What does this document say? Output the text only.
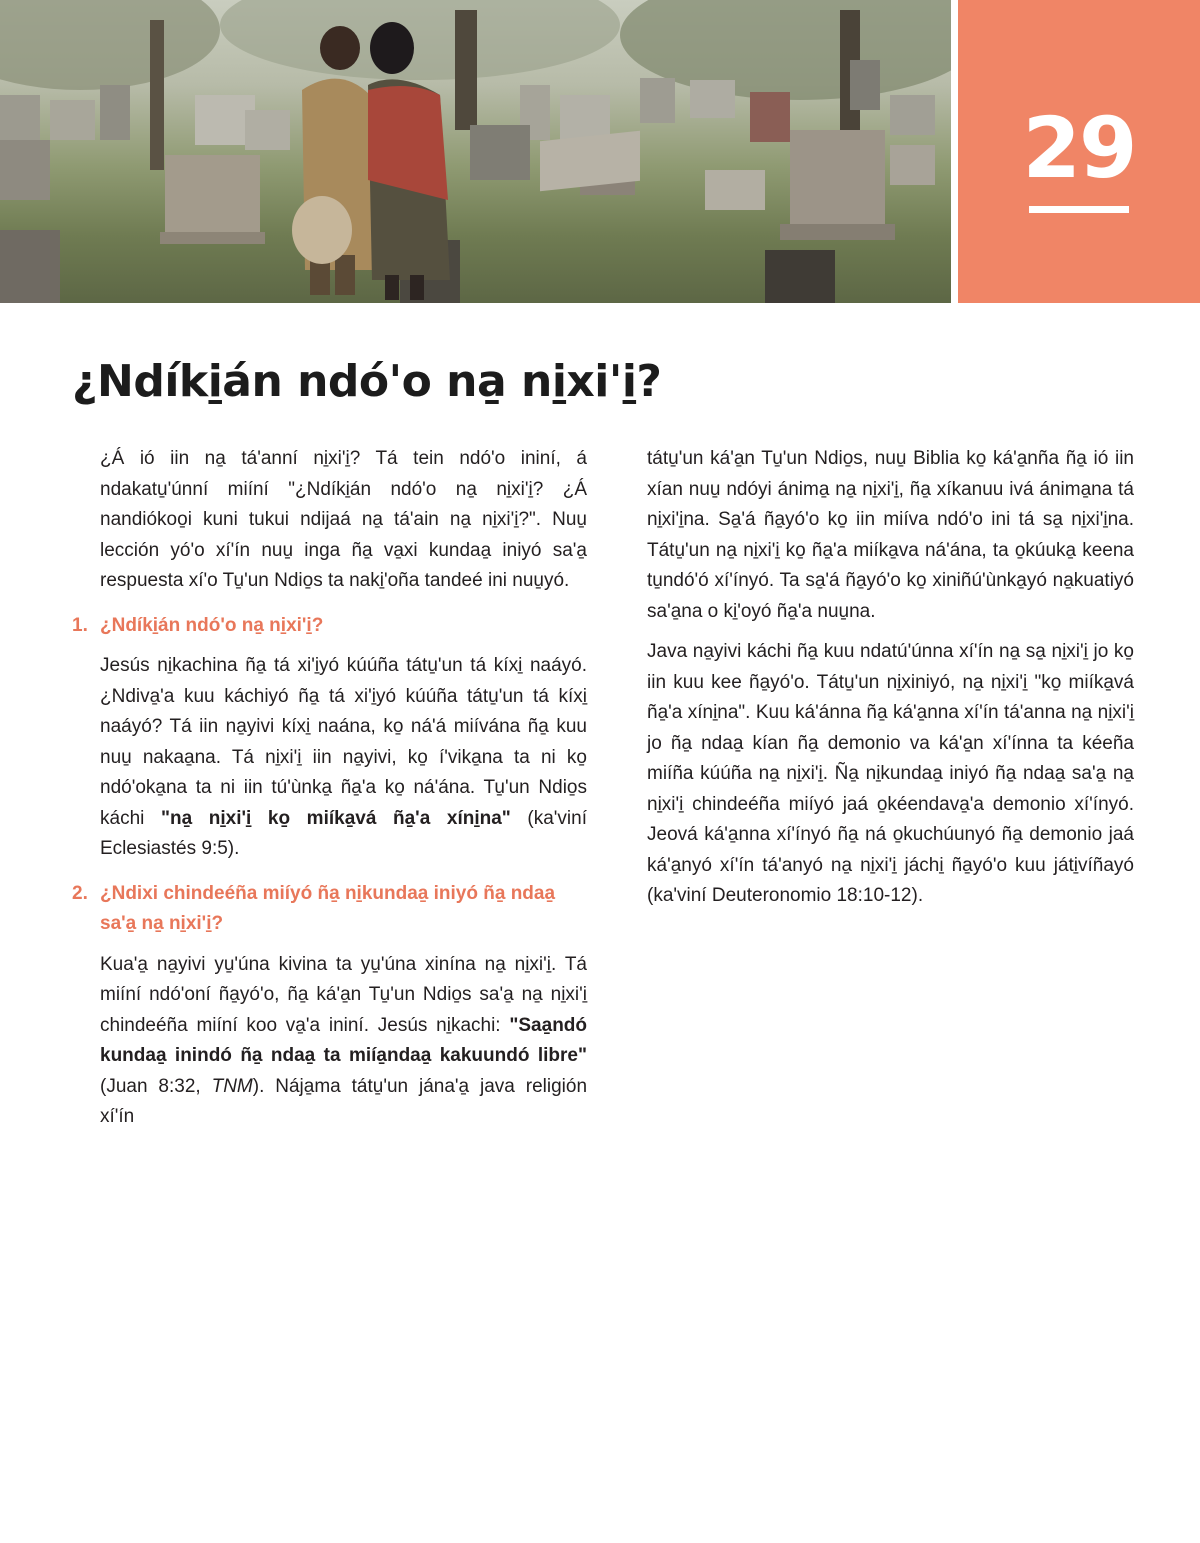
29
¿Ndíki̱án ndó'o na̱ ni̱xi'i̱?

¿Á ió iin na̱ tá'anní ni̱xi'i̱? Tá tein ndó'o ininí, á ndakatu̱'únní miíní "¿Ndíki̱án ndó'o na̱ ni̱xi'i̱? ¿Á nandiókoo̱i kuni tukui ndijaá na̱ tá'ain na̱ ni̱xi'i̱?". Nuu̱ lección yó'o xí'ín nuu̱ inga ña̱ va̱xi kundaa̱ iniyó sa'a̱ respuesta xí'o Tu̱'un Ndio̱s ta naki̱'oña tandeé ini nuu̱yó.

1. ¿Ndíki̱án ndó'o na̱ ni̱xi'i̱?

Jesús ni̱kachina ña̱ tá xi'i̱yó kúúña tátu̱'un tá kíxi̱ naáyó. ¿Ndiva̱'a kuu káchiyó ña̱ tá xi'i̱yó kúúña tátu̱'un tá kíxi̱ naáyó? Tá iin na̱yivi kíxi̱ naána, ko̱ ná'á miívána ña̱ kuu nuu̱ nakaa̱na. Tá ni̱xi'i̱ iin na̱yivi, ko̱ í'vika̱na ta ni ko̱ ndó'oka̱na ta ni iin tú'ùnka̱ ña̱'a ko̱ ná'ána. Tu̱'un Ndio̱s káchi "na̱ ni̱xi'i̱ ko̱ miíka̱vá ña̱'a xíni̱na" (ka'viní Eclesiastés 9:5).

2. ¿Ndixi chindeéña miíyó ña̱ ni̱kundaa̱ iniyó ña̱ ndaa̱ sa'a̱ na̱ ni̱xi'i̱?

Kua'a̱ na̱yivi yu̱'úna kivina ta yu̱'úna xinína na̱ ni̱xi'i̱. Tá miíní ndó'oní ña̱yó'o, ña̱ ká'a̱n Tu̱'un Ndio̱s sa'a̱ na̱ ni̱xi'i̱ chindeéña miíní koo va̱'a ininí. Jesús ni̱kachi: "Saa̱ndó kundaa̱ inindó ña̱ ndaa̱ ta miía̱ndaa̱ kakuundó libre" (Juan 8:32, TNM). Nája̱ma tátu̱'un jána'a̱ java religión xí'ín

tátu̱'un ká'a̱n Tu̱'un Ndio̱s, nuu̱ Biblia ko̱ ká'a̱nña ña̱ ió iin xían nuu̱ ndóyi ánima̱ na̱ ni̱xi'i̱, ña̱ xíkanuu ivá ánima̱na tá ni̱xi'i̱na. Sa̱'á ña̱yó'o ko̱ iin miíva ndó'o ini tá sa̱ ni̱xi'i̱na. Tátu̱'un na̱ ni̱xi'i̱ ko̱ ña̱'a miíka̱va ná'ána, ta o̱kúuka̱ keena tu̱ndó'ó xí'ínyó. Ta sa̱'á ña̱yó'o ko̱ xiniñú'ùnka̱yó na̱kuatiyó sa'a̱na o ki̱'oyó ña̱'a nuu̱na.

Java na̱yivi káchi ña̱ kuu ndatú'únna xí'ín na̱ sa̱ ni̱xi'i̱ jo ko̱ iin kuu kee ña̱yó'o. Tátu̱'un ni̱xiniyó, na̱ ni̱xi'i̱ "ko̱ miíka̱vá ña̱'a xíni̱na". Kuu ká'ánna ña̱ ká'a̱nna xí'ín tá'anna na̱ ni̱xi'i̱ jo ña̱ ndaa̱ kían ña̱ demonio va ká'a̱n xí'ínna ta kéeña miíña kúúña na̱ ni̱xi'i̱. Ña̱ ni̱kundaa̱ iniyó ña̱ ndaa̱ sa'a̱ na̱ ni̱xi'i̱ chindeéña miíyó jaá o̱kéendava̱'a demonio xí'ínyó. Jeová ká'a̱nna xí'ínyó ña̱ ná o̱kuchúunyó ña̱ demonio jaá ká'a̱nyó xí'ín tá'anyó na̱ ni̱xi'i̱ jáchi̱ ña̱yó'o kuu játi̱víñayó (ka'viní Deuteronomio 18:10-12).
